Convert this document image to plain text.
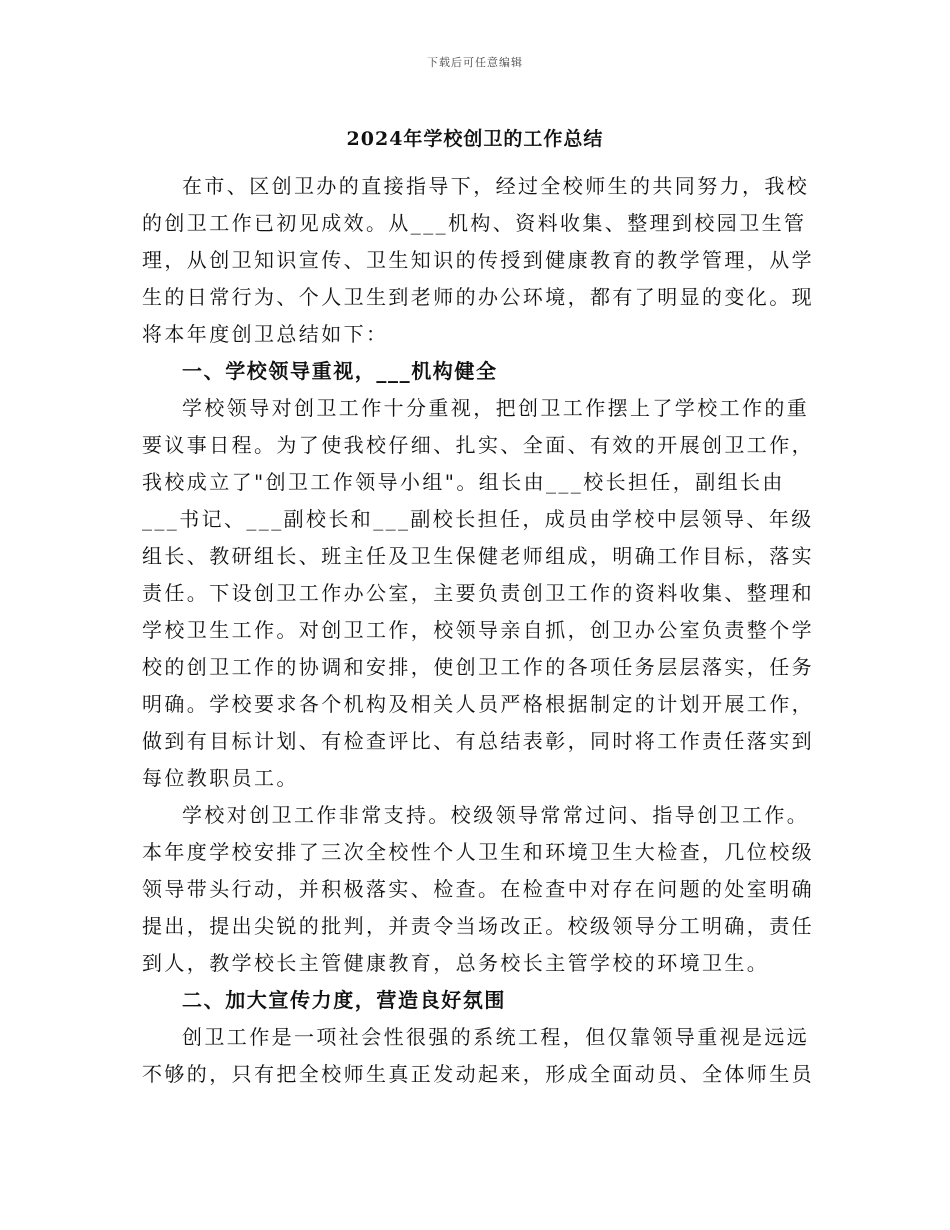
下载后可任意编辑
2024年学校创卫的工作总结

在市、区创卫办的直接指导下，经过全校师生的共同努力，我校的创卫工作已初见成效。从___机构、资料收集、整理到校园卫生管理，从创卫知识宣传、卫生知识的传授到健康教育的教学管理，从学生的日常行为、个人卫生到老师的办公环境，都有了明显的变化。现将本年度创卫总结如下：

一、学校领导重视，___机构健全

学校领导对创卫工作十分重视，把创卫工作摆上了学校工作的重要议事日程。为了使我校仔细、扎实、全面、有效的开展创卫工作，我校成立了"创卫工作领导小组"。组长由___校长担任，副组长由___书记、___副校长和___副校长担任，成员由学校中层领导、年级组长、教研组长、班主任及卫生保健老师组成，明确工作目标，落实责任。下设创卫工作办公室，主要负责创卫工作的资料收集、整理和学校卫生工作。对创卫工作，校领导亲自抓，创卫办公室负责整个学校的创卫工作的协调和安排，使创卫工作的各项任务层层落实，任务明确。学校要求各个机构及相关人员严格根据制定的计划开展工作，做到有目标计划、有检查评比、有总结表彰，同时将工作责任落实到每位教职员工。

学校对创卫工作非常支持。校级领导常常过问、指导创卫工作。本年度学校安排了三次全校性个人卫生和环境卫生大检查，几位校级领导带头行动，并积极落实、检查。在检查中对存在问题的处室明确提出，提出尖锐的批判，并责令当场改正。校级领导分工明确，责任到人，教学校长主管健康教育，总务校长主管学校的环境卫生。

二、加大宣传力度，营造良好氛围

创卫工作是一项社会性很强的系统工程，但仅靠领导重视是远远不够的，只有把全校师生真正发动起来，形成全面动员、全体师生员
